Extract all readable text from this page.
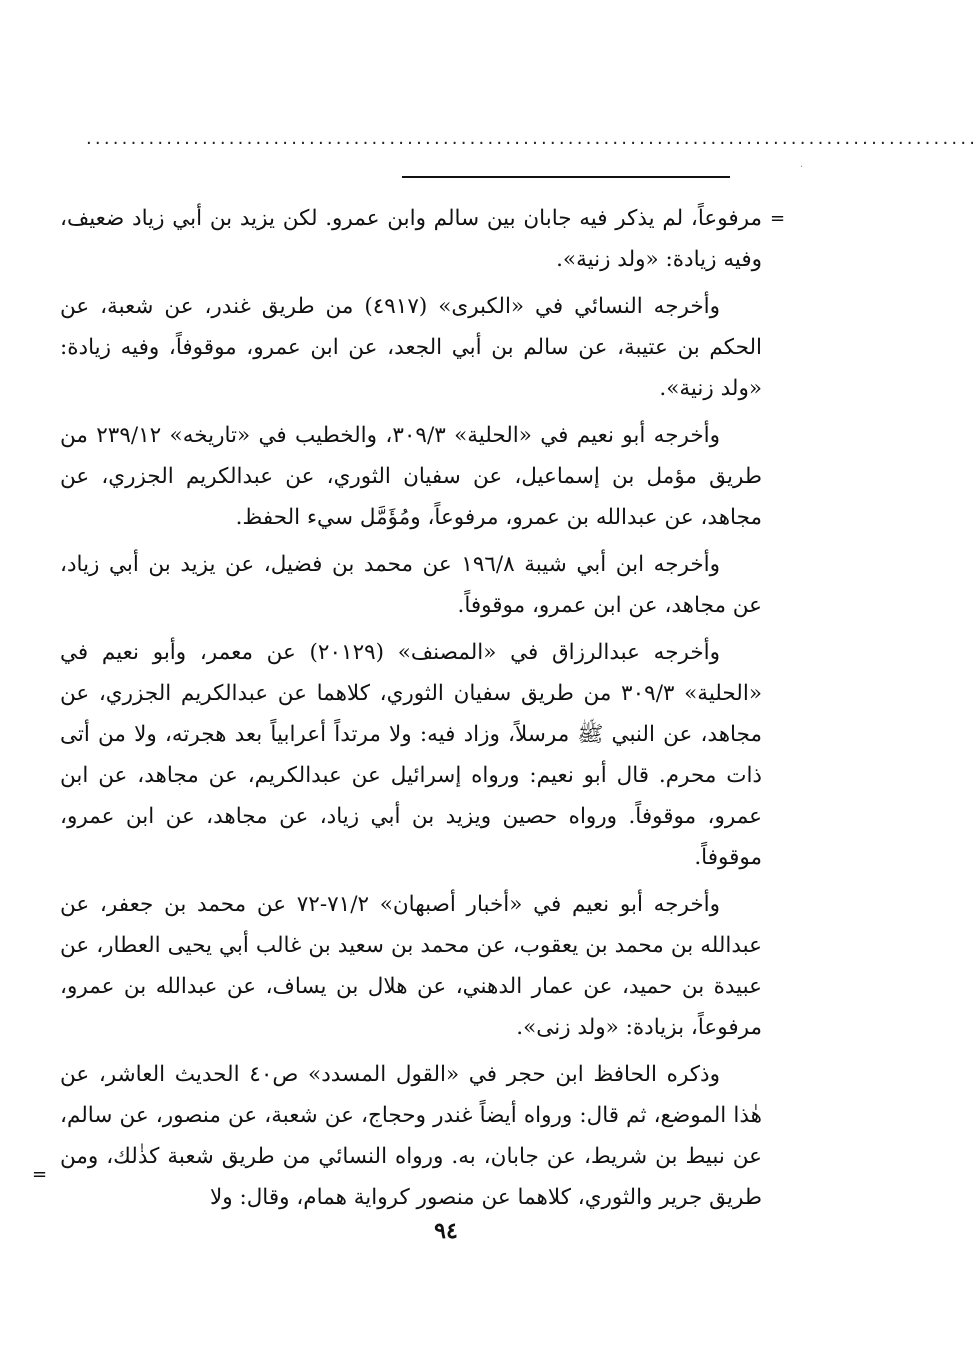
·
....................................................................................................
=

مرفوعاً، لم يذكر فيه جابان بين سالم وابن عمرو. لكن يزيد بن أبي زياد ضعيف، وفيه زيادة: «ولد زنية».

وأخرجه النسائي في «الكبرى» (٤٩١٧) من طريق غندر، عن شعبة، عن الحكم بن عتيبة، عن سالم بن أبي الجعد، عن ابن عمرو، موقوفاً، وفيه زيادة: «ولد زنية».

وأخرجه أبو نعيم في «الحلية» ٣٠٩/٣، والخطيب في «تاريخه» ٢٣٩/١٢ من طريق مؤمل بن إسماعيل، عن سفيان الثوري، عن عبدالكريم الجزري، عن مجاهد، عن عبدالله بن عمرو، مرفوعاً، ومُؤَمَّل سيء الحفظ.

وأخرجه ابن أبي شيبة ١٩٦/٨ عن محمد بن فضيل، عن يزيد بن أبي زياد، عن مجاهد، عن ابن عمرو، موقوفاً.

وأخرجه عبدالرزاق في «المصنف» (٢٠١٢٩) عن معمر، وأبو نعيم في «الحلية» ٣٠٩/٣ من طريق سفيان الثوري، كلاهما عن عبدالكريم الجزري، عن مجاهد، عن النبي ﷺ مرسلاً، وزاد فيه: ولا مرتداً أعرابياً بعد هجرته، ولا من أتى ذات محرم. قال أبو نعيم: ورواه إسرائيل عن عبدالكريم، عن مجاهد، عن ابن عمرو، موقوفاً. ورواه حصين ويزيد بن أبي زياد، عن مجاهد، عن ابن عمرو، موقوفاً.

وأخرجه أبو نعيم في «أخبار أصبهان» ٧١/٢-٧٢ عن محمد بن جعفر، عن عبدالله بن محمد بن يعقوب، عن محمد بن سعيد بن غالب أبي يحيى العطار، عن عبيدة بن حميد، عن عمار الدهني، عن هلال بن يساف، عن عبدالله بن عمرو، مرفوعاً، بزيادة: «ولد زنى».

وذكره الحافظ ابن حجر في «القول المسدد» ص٤٠ الحديث العاشر، عن هٰذا الموضع، ثم قال: ورواه أيضاً غندر وحجاج، عن شعبة، عن منصور، عن سالم، عن نبيط بن شريط، عن جابان، به. ورواه النسائي من طريق شعبة كذٰلك، ومن طريق جرير والثوري، كلاهما عن منصور كرواية همام، وقال: ولا

=
٩٤
